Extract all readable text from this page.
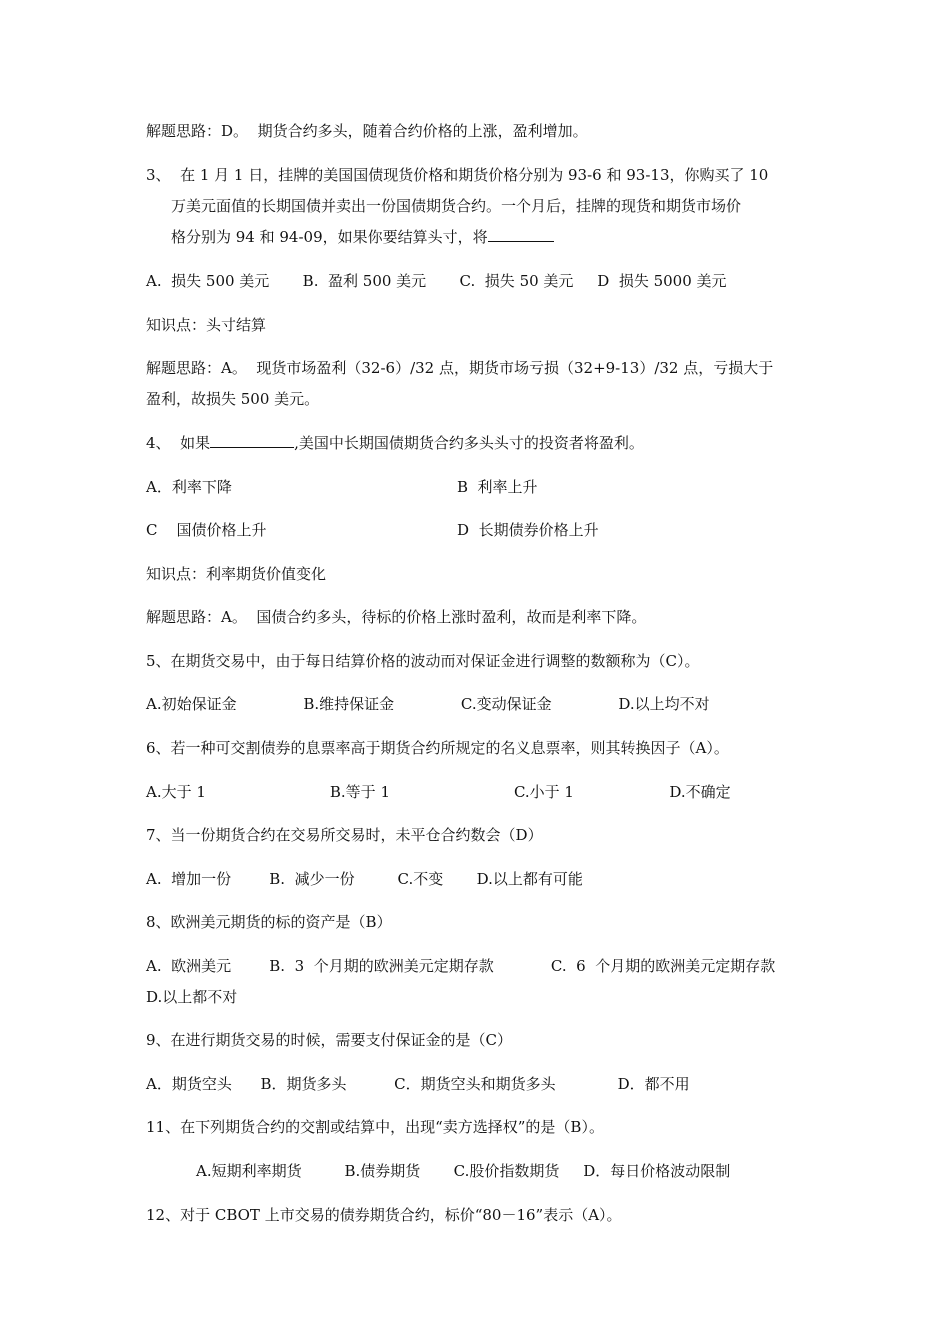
解题思路：D。  期货合约多头，随着合约价格的上涨，盈利增加。
3、  在 1 月 1 日，挂牌的美国国债现货价格和期货价格分别为 93-6 和 93-13，你购买了 10
万美元面值的长期国债并卖出一份国债期货合约。一个月后，挂牌的现货和期货市场价
格分别为 94 和 94-09，如果你要结算头寸，将
A.  损失 500 美元       B.  盈利 500 美元       C.  损失 50 美元     D  损失 5000 美元
知识点：头寸结算
解题思路：A。  现货市场盈利（32-6）/32 点，期货市场亏损（32+9-13）/32 点，亏损大于
盈利，故损失 500 美元。
4、  如果	,美国中长期国债期货合约多头头寸的投资者将盈利。
A．利率下降	B  利率上升
C    国债价格上升	D  长期债券价格上升
知识点：利率期货价值变化
解题思路：A。  国债合约多头，待标的价格上涨时盈利，故而是利率下降。
5、在期货交易中，由于每日结算价格的波动而对保证金进行调整的数额称为（C）。
A.初始保证金              B.维持保证金              C.变动保证金              D.以上均不对
6、若一种可交割债券的息票率高于期货合约所规定的名义息票率，则其转换因子（A）。
A.大于 1                          B.等于 1                          C.小于 1                    D.不确定
7、当一份期货合约在交易所交易时，未平仓合约数会（D）
A.  增加一份        B.  减少一份         C.不变       D.以上都有可能
8、欧洲美元期货的标的资产是（B）
A.  欧洲美元        B.  3  个月期的欧洲美元定期存款            C.  6  个月期的欧洲美元定期存款
D.以上都不对
9、在进行期货交易的时候，需要支付保证金的是（C）
A．期货空头      B．期货多头          C．期货空头和期货多头             D．都不用
11、在下列期货合约的交割或结算中，出现“卖方选择权”的是（B）。
A.短期利率期货         B.债券期货       C.股价指数期货     D．每日价格波动限制
12、对于 CBOT 上市交易的债券期货合约，标价“80－16”表示（A）。
